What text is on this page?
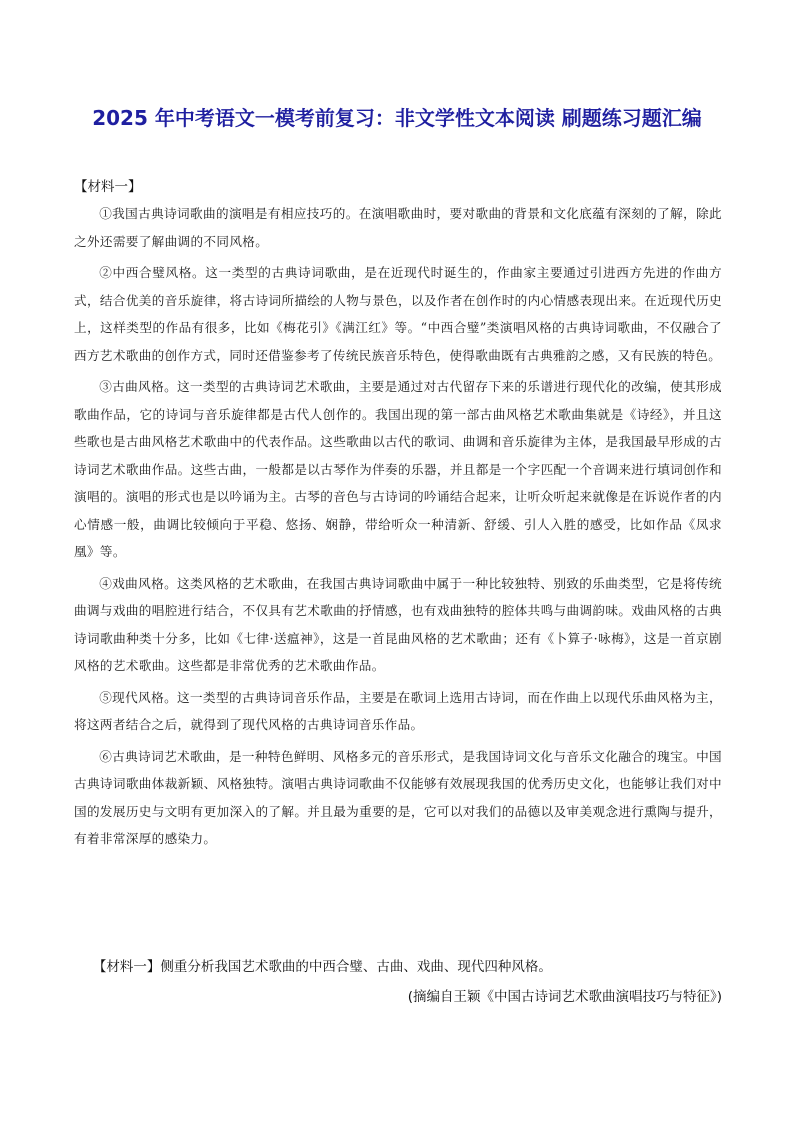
2025 年中考语文一模考前复习：非文学性文本阅读 刷题练习题汇编
【材料一】

①我国古典诗词歌曲的演唱是有相应技巧的。在演唱歌曲时，要对歌曲的背景和文化底蕴有深刻的了解，除此之外还需要了解曲调的不同风格。

②中西合璧风格。这一类型的古典诗词歌曲，是在近现代时诞生的，作曲家主要通过引进西方先进的作曲方式，结合优美的音乐旋律，将古诗词所描绘的人物与景色，以及作者在创作时的内心情感表现出来。在近现代历史上，这样类型的作品有很多，比如《梅花引》《满江红》等。“中西合璧”类演唱风格的古典诗词歌曲，不仅融合了西方艺术歌曲的创作方式，同时还借鉴参考了传统民族音乐特色，使得歌曲既有古典雅韵之感，又有民族的特色。

③古曲风格。这一类型的古典诗词艺术歌曲，主要是通过对古代留存下来的乐谱进行现代化的改编，使其形成歌曲作品，它的诗词与音乐旋律都是古代人创作的。我国出现的第一部古曲风格艺术歌曲集就是《诗经》，并且这些歌也是古曲风格艺术歌曲中的代表作品。这些歌曲以古代的歌词、曲调和音乐旋律为主体，是我国最早形成的古诗词艺术歌曲作品。这些古曲，一般都是以古琴作为伴奏的乐器，并且都是一个字匹配一个音调来进行填词创作和演唱的。演唱的形式也是以吟诵为主。古琴的音色与古诗词的吟诵结合起来，让听众听起来就像是在诉说作者的内心情感一般，曲调比较倾向于平稳、悠扬、娴静，带给听众一种清新、舒缓、引人入胜的感受，比如作品《凤求凰》等。

④戏曲风格。这类风格的艺术歌曲，在我国古典诗词歌曲中属于一种比较独特、别致的乐曲类型，它是将传统曲调与戏曲的唱腔进行结合，不仅具有艺术歌曲的抒情感，也有戏曲独特的腔体共鸣与曲调韵味。戏曲风格的古典诗词歌曲种类十分多，比如《七律·送瘟神》，这是一首昆曲风格的艺术歌曲；还有《卜算子·咏梅》，这是一首京剧风格的艺术歌曲。这些都是非常优秀的艺术歌曲作品。

⑤现代风格。这一类型的古典诗词音乐作品，主要是在歌词上选用古诗词，而在作曲上以现代乐曲风格为主，将这两者结合之后，就得到了现代风格的古典诗词音乐作品。

⑥古典诗词艺术歌曲，是一种特色鲜明、风格多元的音乐形式，是我国诗词文化与音乐文化融合的瑰宝。中国古典诗词歌曲体裁新颖、风格独特。演唱古典诗词歌曲不仅能够有效展现我国的优秀历史文化，也能够让我们对中国的发展历史与文明有更加深入的了解。并且最为重要的是，它可以对我们的品德以及审美观念进行熏陶与提升，有着非常深厚的感染力。

【材料一】侧重分析我国艺术歌曲的中西合璧、古曲、戏曲、现代四种风格。
(摘编自王颖《中国古诗词艺术歌曲演唱技巧与特征》)
